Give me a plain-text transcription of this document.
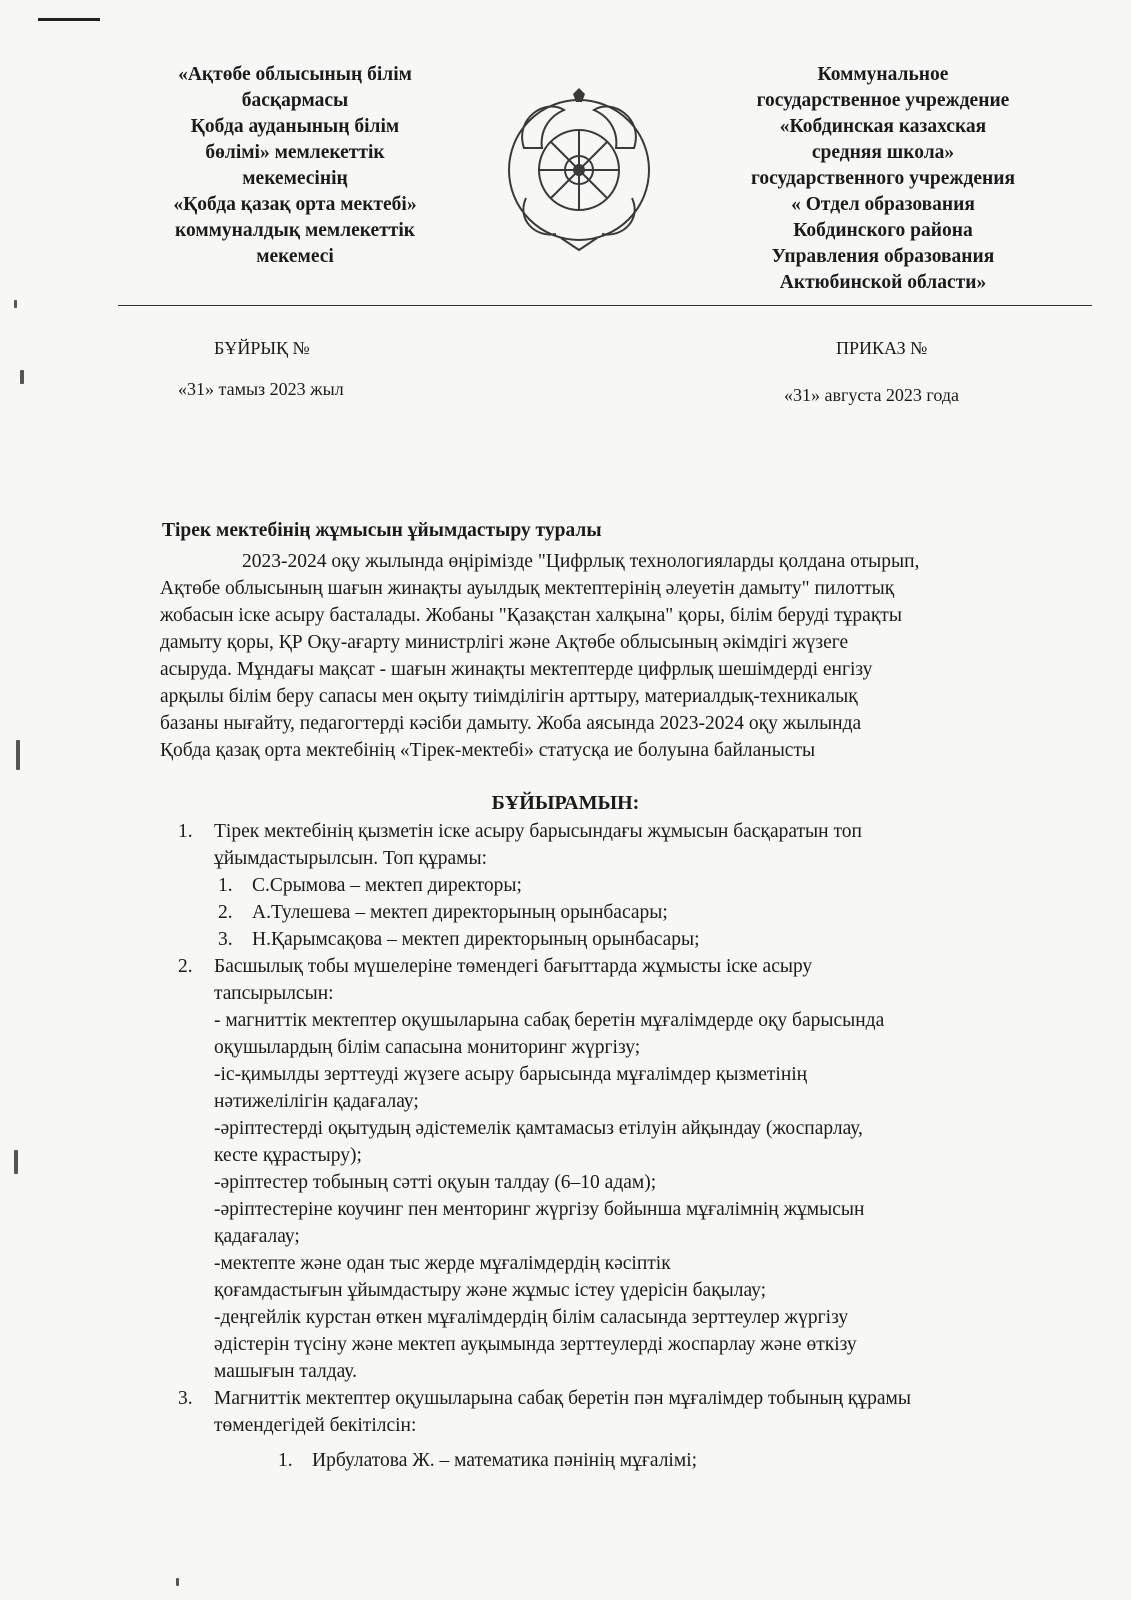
«Ақтөбе облысының білім
басқармасы
Қобда ауданының білім
бөлімі» мемлекеттік
мекемесінің
«Қобда қазақ орта мектебі»
коммуналдық мемлекеттік
мекемесі
Коммунальное
государственное учреждение
«Кобдинская казахская
средняя школа»
государственного учреждения
« Отдел образования
Кобдинского района
Управления образования
Актюбинской области»
БҰЙРЫҚ №	ПРИКАЗ №
«31» тамыз 2023 жыл	«31» августа 2023 года
Тірек мектебінің жұмысын ұйымдастыру туралы
2023-2024 оқу жылында өңірімізде "Цифрлық технологияларды қолдана отырып,
Ақтөбе облысының шағын жинақты ауылдық мектептерінің әлеуетін дамыту" пилоттық
жобасын іске асыру басталады. Жобаны "Қазақстан халқына" қоры, білім беруді тұрақты
дамыту қоры, ҚР Оқу-ағарту министрлігі және Ақтөбе облысының әкімдігі жүзеге
асыруда. Мұндағы мақсат - шағын жинақты мектептерде цифрлық шешімдерді енгізу
арқылы білім беру сапасы мен оқыту тиімділігін арттыру, материалдық-техникалық
базаны нығайту, педагогтерді кәсіби дамыту. Жоба аясында 2023-2024 оқу жылында
Қобда қазақ орта мектебінің «Тірек-мектебі» статусқа ие болуына байланысты
БҰЙЫРАМЫН:
1. Тірек мектебінің қызметін іске асыру барысындағы жұмысын басқаратын топ
ұйымдастырылсын. Топ құрамы:
1. С.Срымова – мектеп директоры;
2. А.Тулешева – мектеп директорының орынбасары;
3. Н.Қарымсақова – мектеп директорының орынбасары;
2. Басшылық тобы мүшелеріне төмендегі бағыттарда жұмысты іске асыру
тапсырылсын:
- магниттік мектептер оқушыларына сабақ беретін мұғалімдерде оқу барысында
оқушылардың білім сапасына мониторинг жүргізу;
-іс-қимылды зерттеуді жүзеге асыру барысында мұғалімдер қызметінің
нәтижелілігін қадағалау;
-әріптестерді оқытудың әдістемелік қамтамасыз етілуін айқындау (жоспарлау,
кесте құрастыру);
-әріптестер тобының сәтті оқуын талдау (6–10 адам);
-әріптестеріне коучинг пен менторинг жүргізу бойынша мұғалімнің жұмысын
қадағалау;
-мектепте және одан тыс жерде мұғалімдердің кәсіптік
қоғамдастығын ұйымдастыру және жұмыс істеу үдерісін бақылау;
-деңгейлік курстан өткен мұғалімдердің білім саласында зерттеулер жүргізу
әдістерін түсіну және мектеп ауқымында зерттеулерді жоспарлау және өткізу
машығын талдау.
3. Магниттік мектептер оқушыларына сабақ беретін пән мұғалімдер тобының құрамы
төмендегідей бекітілсін:
1. Ирбулатова Ж. – математика пәнінің мұғалімі;
